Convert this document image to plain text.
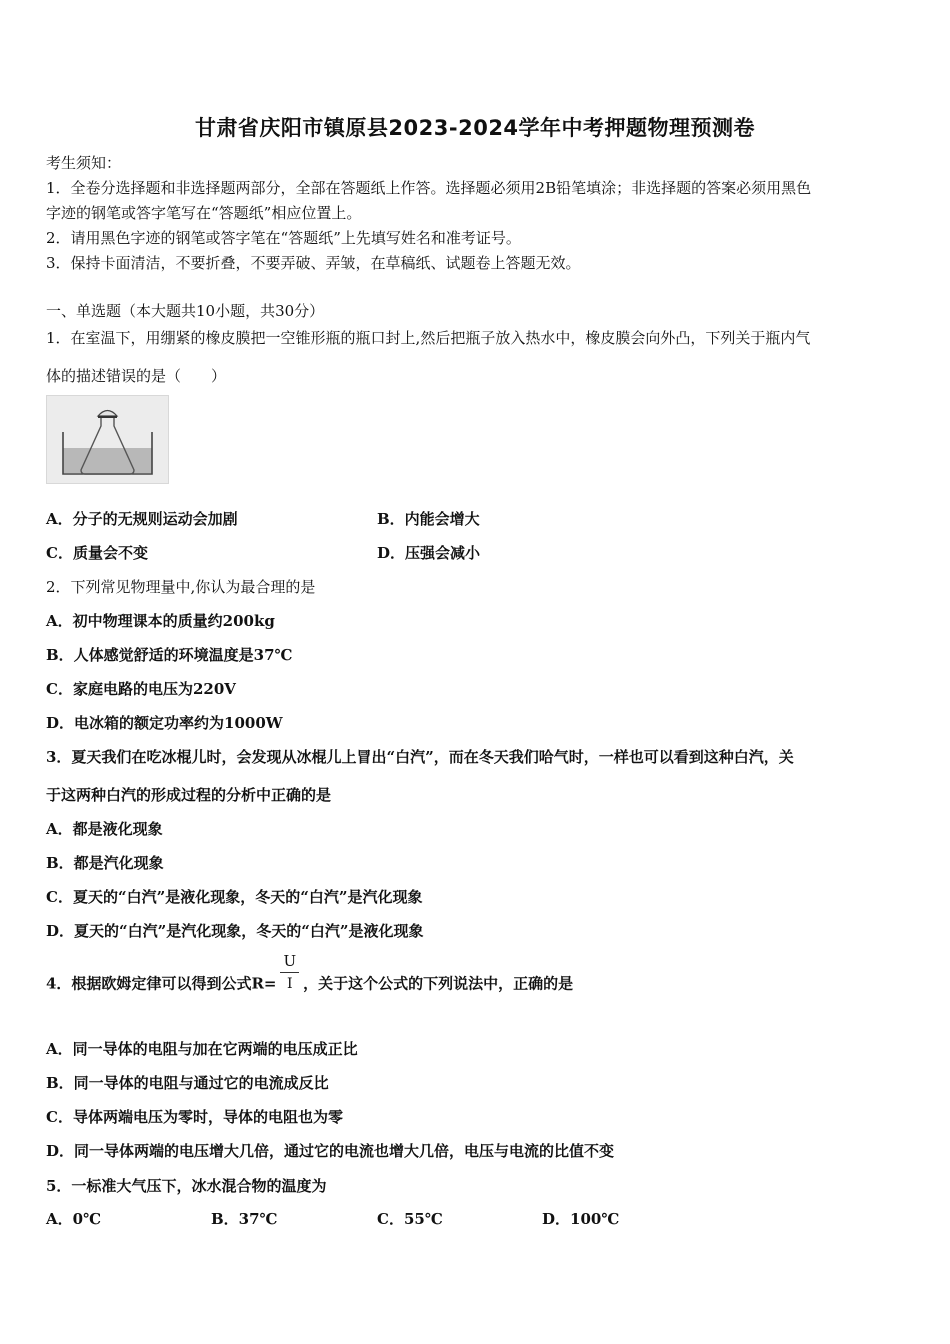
甘肃省庆阳市镇原县2023-2024学年中考押题物理预测卷
考生须知：
1．全卷分选择题和非选择题两部分，全部在答题纸上作答。选择题必须用2B铅笔填涂；非选择题的答案必须用黑色
字迹的钢笔或答字笔写在“答题纸”相应位置上。
2．请用黑色字迹的钢笔或答字笔在“答题纸”上先填写姓名和准考证号。
3．保持卡面清洁，不要折叠，不要弄破、弄皱，在草稿纸、试题卷上答题无效。
一、单选题（本大题共10小题，共30分）
1．在室温下，用绷紧的橡皮膜把一空锥形瓶的瓶口封上,然后把瓶子放入热水中，橡皮膜会向外凸，下列关于瓶内气
体的描述错误的是（　　）
A．分子的无规则运动会加剧	B．内能会增大
C．质量会不变	D．压强会减小
2．下列常见物理量中,你认为最合理的是
A．初中物理课本的质量约200kg
B．人体感觉舒适的环境温度是37℃
C．家庭电路的电压为220V
D．电冰箱的额定功率约为1000W
3．夏天我们在吃冰棍儿时，会发现从冰棍儿上冒出“白汽”，而在冬天我们哈气时，一样也可以看到这种白汽，关
于这两种白汽的形成过程的分析中正确的是
A．都是液化现象
B．都是汽化现象
C．夏天的“白汽”是液化现象，冬天的“白汽”是汽化现象
D．夏天的“白汽”是汽化现象，冬天的“白汽”是液化现象
4．根据欧姆定律可以得到公式$R= \frac{U}{I}$ ，关于这个公式的下列说法中，正确的是
A．同一导体的电阻与加在它两端的电压成正比
B．同一导体的电阻与通过它的电流成反比
C．导体两端电压为零时，导体的电阻也为零
D．同一导体两端的电压增大几倍，通过它的电流也增大几倍，电压与电流的比值不变
5．一标准大气压下，冰水混合物的温度为
A．0℃	B．37℃	C．55℃	D．100℃
